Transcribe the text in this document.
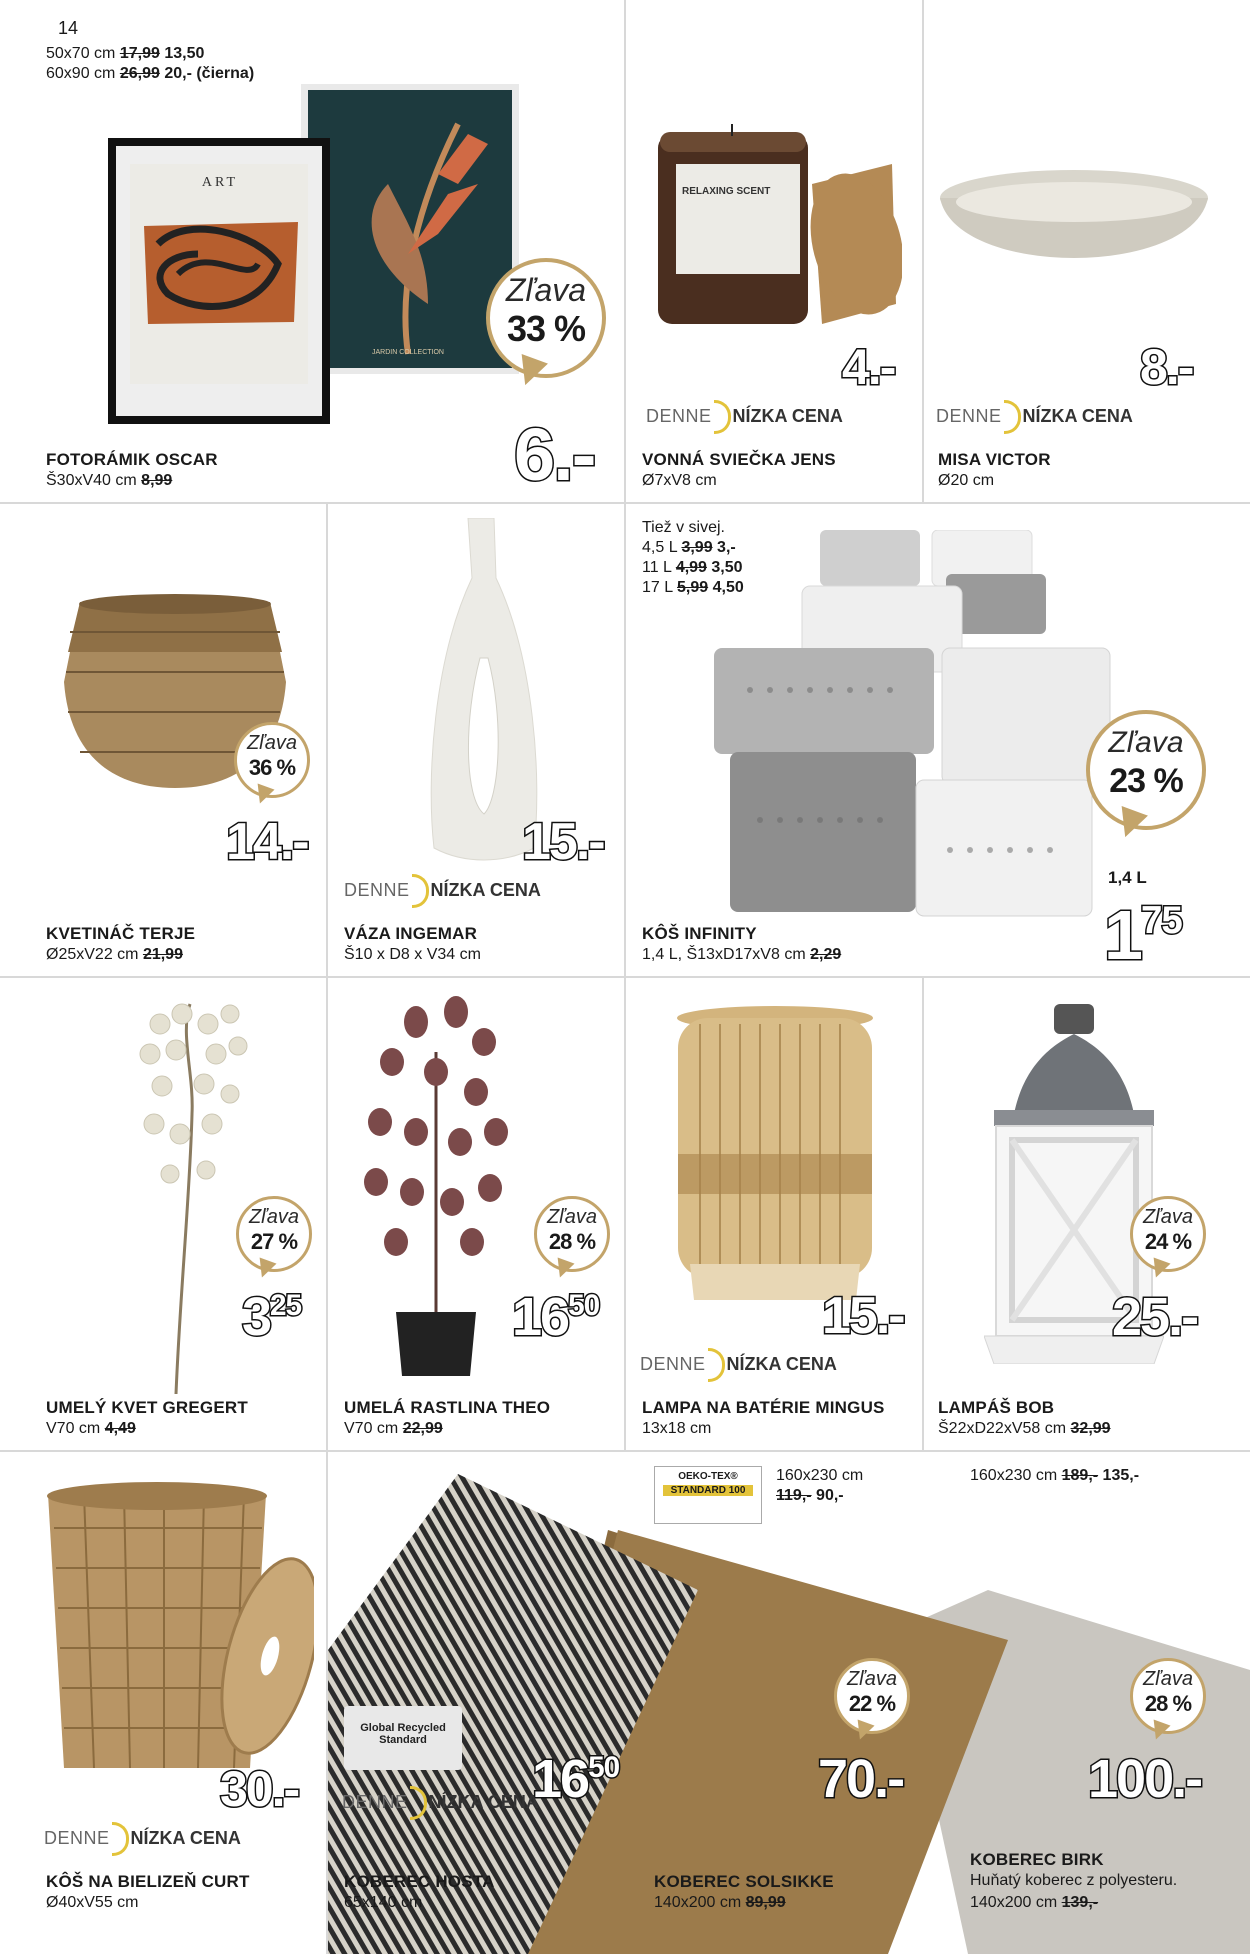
14
50x70 cm 17,99 13,50
60x90 cm 26,99 20,- (čierna)
JARDIN COLLECTION
ART
Zľava
33 %
6.-
FOTORÁMIK OSCAR
Š30xV40 cm 8,99
RELAXING SCENT
4.-
DENNE NÍZKA CENA
VONNÁ SVIEČKA JENS
Ø7xV8 cm
8.-
DENNE NÍZKA CENA
MISA VICTOR
Ø20 cm
Zľava
36 %
14.-
KVETINÁČ TERJE
Ø25xV22 cm 21,99
15.-
DENNE NÍZKA CENA
VÁZA INGEMAR
Š10 x D8 x V34 cm
Tiež v sivej.
4,5 L 3,99 3,-
11 L 4,99 3,50
17 L 5,99 4,50
Zľava
23 %
1,4 L
$1^{75}$
KÔŠ INFINITY
1,4 L, Š13xD17xV8 cm 2,29
Zľava
27 %
$3^{25}$
UMELÝ KVET GREGERT
V70 cm 4,49
Zľava
28 %
$16^{50}$
UMELÁ RASTLINA THEO
V70 cm 22,99
15.-
DENNE NÍZKA CENA
LAMPA NA BATÉRIE MINGUS
13x18 cm
Zľava
24 %
25.-
LAMPÁŠ BOB
Š22xD22xV58 cm 32,99
30.-
DENNE NÍZKA CENA
KÔŠ NA BIELIZEŇ CURT
Ø40xV55 cm
OEKO-TEX®
STANDARD 100
160x230 cm
119,- 90,-
160x230 cm 189,- 135,-
Global Recycled Standard
Zľava
22 %
Zľava
28 %
$16^{50}$	70.-	100.-
DENNE NÍZKA CENA
KOBEREC HOSTA
65x140 cm
KOBEREC SOLSIKKE
140x200 cm 89,99
KOBEREC BIRK
Huňatý koberec z polyesteru.
140x200 cm 139,-
